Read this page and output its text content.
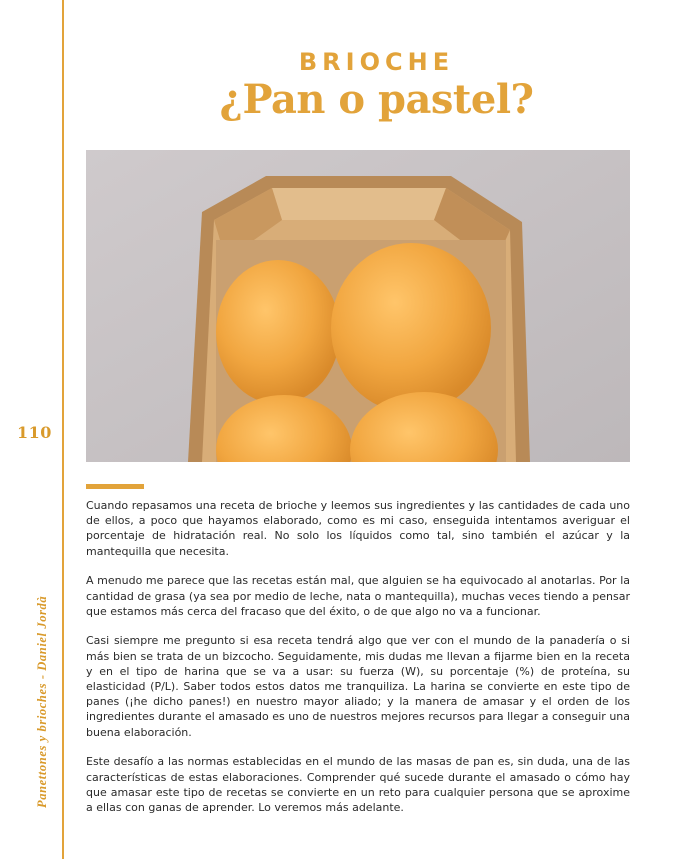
110
Panettones y brioches - Daniel Jordà
BRIOCHE
¿Pan o pastel?

Cuando repasamos una receta de brioche y leemos sus ingredientes y las cantidades de cada uno de ellos, a poco que hayamos elaborado, como es mi caso, enseguida intentamos averiguar el porcentaje de hidratación real. No solo los líquidos como tal, sino también el azúcar y la mantequilla que necesita.

A menudo me parece que las recetas están mal, que alguien se ha equivocado al anotarlas. Por la cantidad de grasa (ya sea por medio de leche, nata o mantequilla), muchas veces tiendo a pensar que estamos más cerca del fracaso que del éxito, o de que algo no va a funcionar.

Casi siempre me pregunto si esa receta tendrá algo que ver con el mundo de la panadería o si más bien se trata de un bizcocho. Seguidamente, mis dudas me llevan a fijarme bien en la receta y en el tipo de harina que se va a usar: su fuerza (W), su porcentaje (%) de proteína, su elasticidad (P/L). Saber todos estos datos me tranquiliza. La harina se convierte en este tipo de panes (¡he dicho panes!) en nuestro mayor aliado; y la manera de amasar y el orden de los ingredientes durante el amasado es uno de nuestros mejores recursos para llegar a conseguir una buena elaboración.

Este desafío a las normas establecidas en el mundo de las masas de pan es, sin duda, una de las características de estas elaboraciones. Comprender qué sucede durante el amasado o cómo hay que amasar este tipo de recetas se convierte en un reto para cualquier persona que se aproxime a ellas con ganas de aprender. Lo veremos más adelante.
